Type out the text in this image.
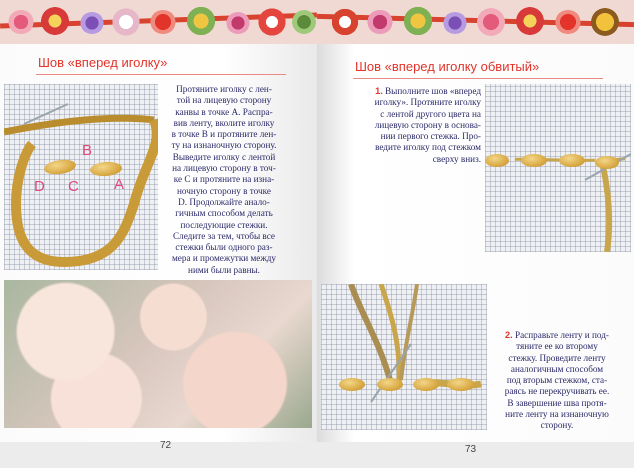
Шов «вперед иголку»
B
D C A
Протяните иголку с лен-
той на лицевую сторону
канвы в точке А. Распра-
вив ленту, вколите иголку
в точке В и протяните лен-
ту на изнаночную сторону.
Выведите иголку с лентой
на лицевую сторону в точ-
ке С и протяните на изна-
ночную сторону в точке
D. Продолжайте анало-
гичным способом делать
последующие стежки.
Следите за тем, чтобы все
стежки были одного раз-
мера и промежутки между
ними были равны.
72
Шов «вперед иголку обвитый»
1. Выполните шов «вперед
иголку». Протяните иголку
с лентой другого цвета на
лицевую сторону в основа-
нии первого стежка. Про-
ведите иголку под стежком
сверху вниз.
2. Расправьте ленту и под-
тяните ее ко второму
стежку. Проведите ленту
аналогичным способом
под вторым стежком, ста-
раясь не перекручивать ее.
В завершение шва протя-
ните ленту на изнаночную
сторону.
73
